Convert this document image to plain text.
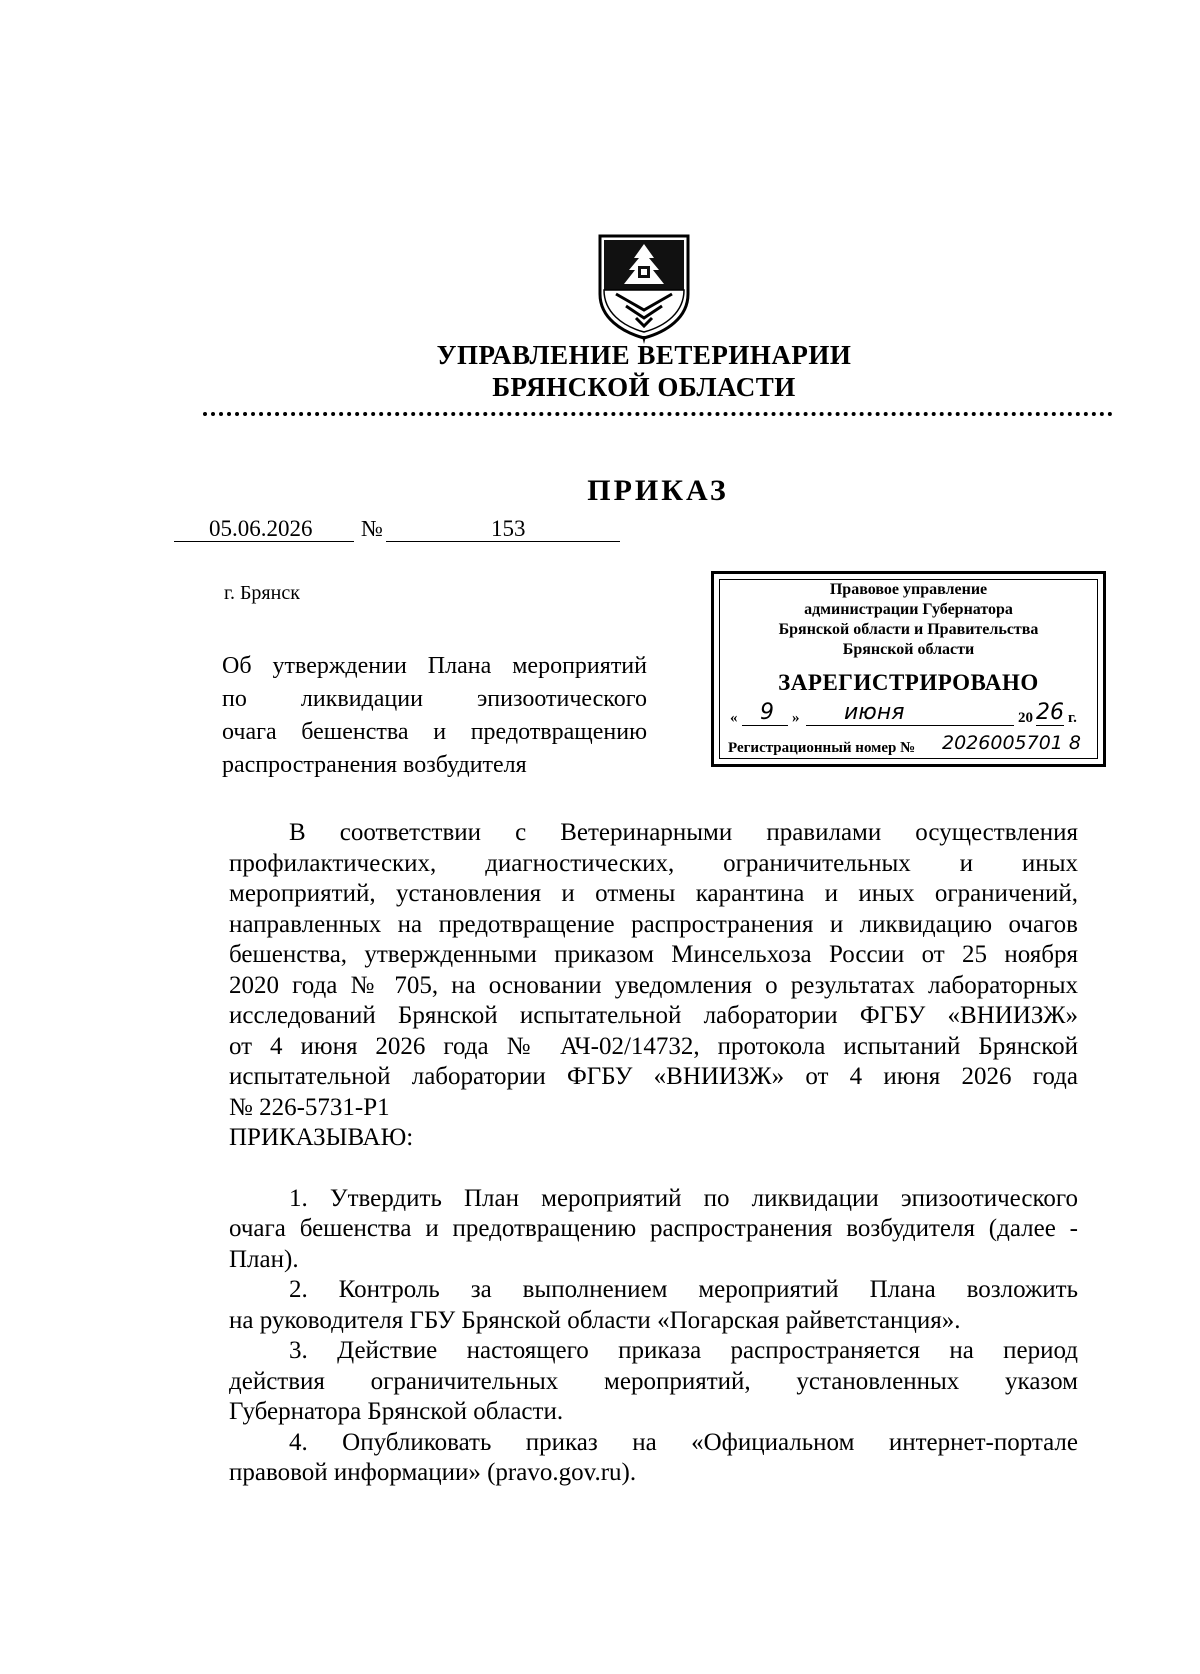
УПРАВЛЕНИЕ ВЕТЕРИНАРИИ
БРЯНСКОЙ ОБЛАСТИ
ПРИКАЗ
05.06.2026 №	153
г. Брянск
Об утверждении Плана мероприятий
по ликвидации эпизоотического
очага бешенства и предотвращению
распространения возбудителя
Правовое управление
администрации Губернатора
Брянской области и Правительства
Брянской области
ЗАРЕГИСТРИРОВАНО
« 9 » июня	20 26 г.
Регистрационный номер № 2026005701 8
В соответствии с Ветеринарными правилами осуществления
профилактических, диагностических, ограничительных и иных
мероприятий, установления и отмены карантина и иных ограничений,
направленных на предотвращение распространения и ликвидацию очагов
бешенства, утвержденными приказом Минсельхоза России от 25 ноября
2020 года № 705, на основании уведомления о результатах лабораторных
исследований Брянской испытательной лаборатории ФГБУ «ВНИИЗЖ»
от 4 июня 2026 года № АЧ-02/14732, протокола испытаний Брянской
испытательной лаборатории ФГБУ «ВНИИЗЖ» от 4 июня 2026 года
№ 226-5731-Р1
ПРИКАЗЫВАЮ:
1. Утвердить План мероприятий по ликвидации эпизоотического
очага бешенства и предотвращению распространения возбудителя (далее -
План).
2. Контроль за выполнением мероприятий Плана возложить
на руководителя ГБУ Брянской области «Погарская райветстанция».
3. Действие настоящего приказа распространяется на период
действия ограничительных мероприятий, установленных указом
Губернатора Брянской области.
4. Опубликовать приказ на «Официальном интернет-портале
правовой информации» (pravo.gov.ru).
